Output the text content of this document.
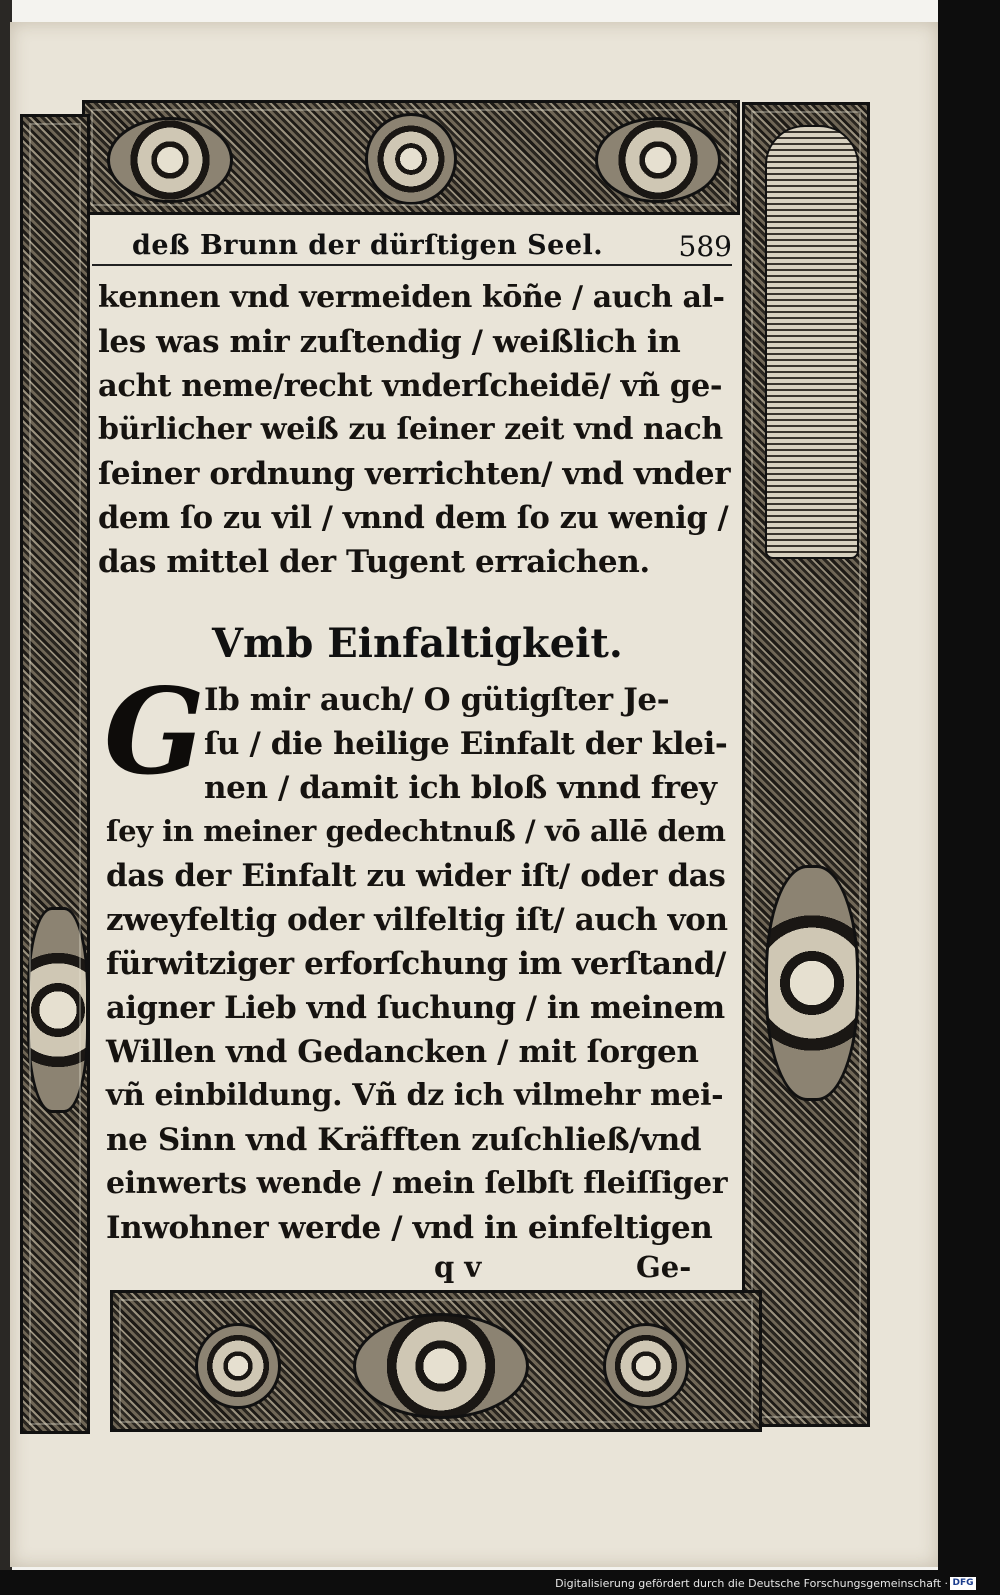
deß Brunn der dürſtigen Seel.	589
kennen vnd vermeiden kōñe / auch al-
les was mir zuſtendig / weißlich in
acht neme/recht vnderſcheidē/ vñ ge-
bürlicher weiß zu ſeiner zeit vnd nach
ſeiner ordnung verrichten/ vnd vnder
dem ſo zu vil / vnnd dem ſo zu wenig /
das mittel der Tugent erraichen.
Vmb Einfaltigkeit.
G Ib mir auch/ O gütigſter Je-
ſu / die heilige Einfalt der klei-
nen / damit ich bloß vnnd frey
ſey in meiner gedechtnuß / vō allē dem
das der Einfalt zu wider iſt/ oder das
zweyfeltig oder vilfeltig iſt/ auch von
fürwitziger erforſchung im verſtand/
aigner Lieb vnd ſuchung / in meinem
Willen vnd Gedancken / mit ſorgen
vñ einbildung. Vñ dz ich vilmehr mei-
ne Sinn vnd Kräfften zuſchließ/vnd
einwerts wende / mein ſelbſt fleiſſiger
Inwohner werde / vnd in einfeltigen
q v	Ge-
Digitalisierung gefördert durch die Deutsche Forschungsgemeinschaft · DFG
